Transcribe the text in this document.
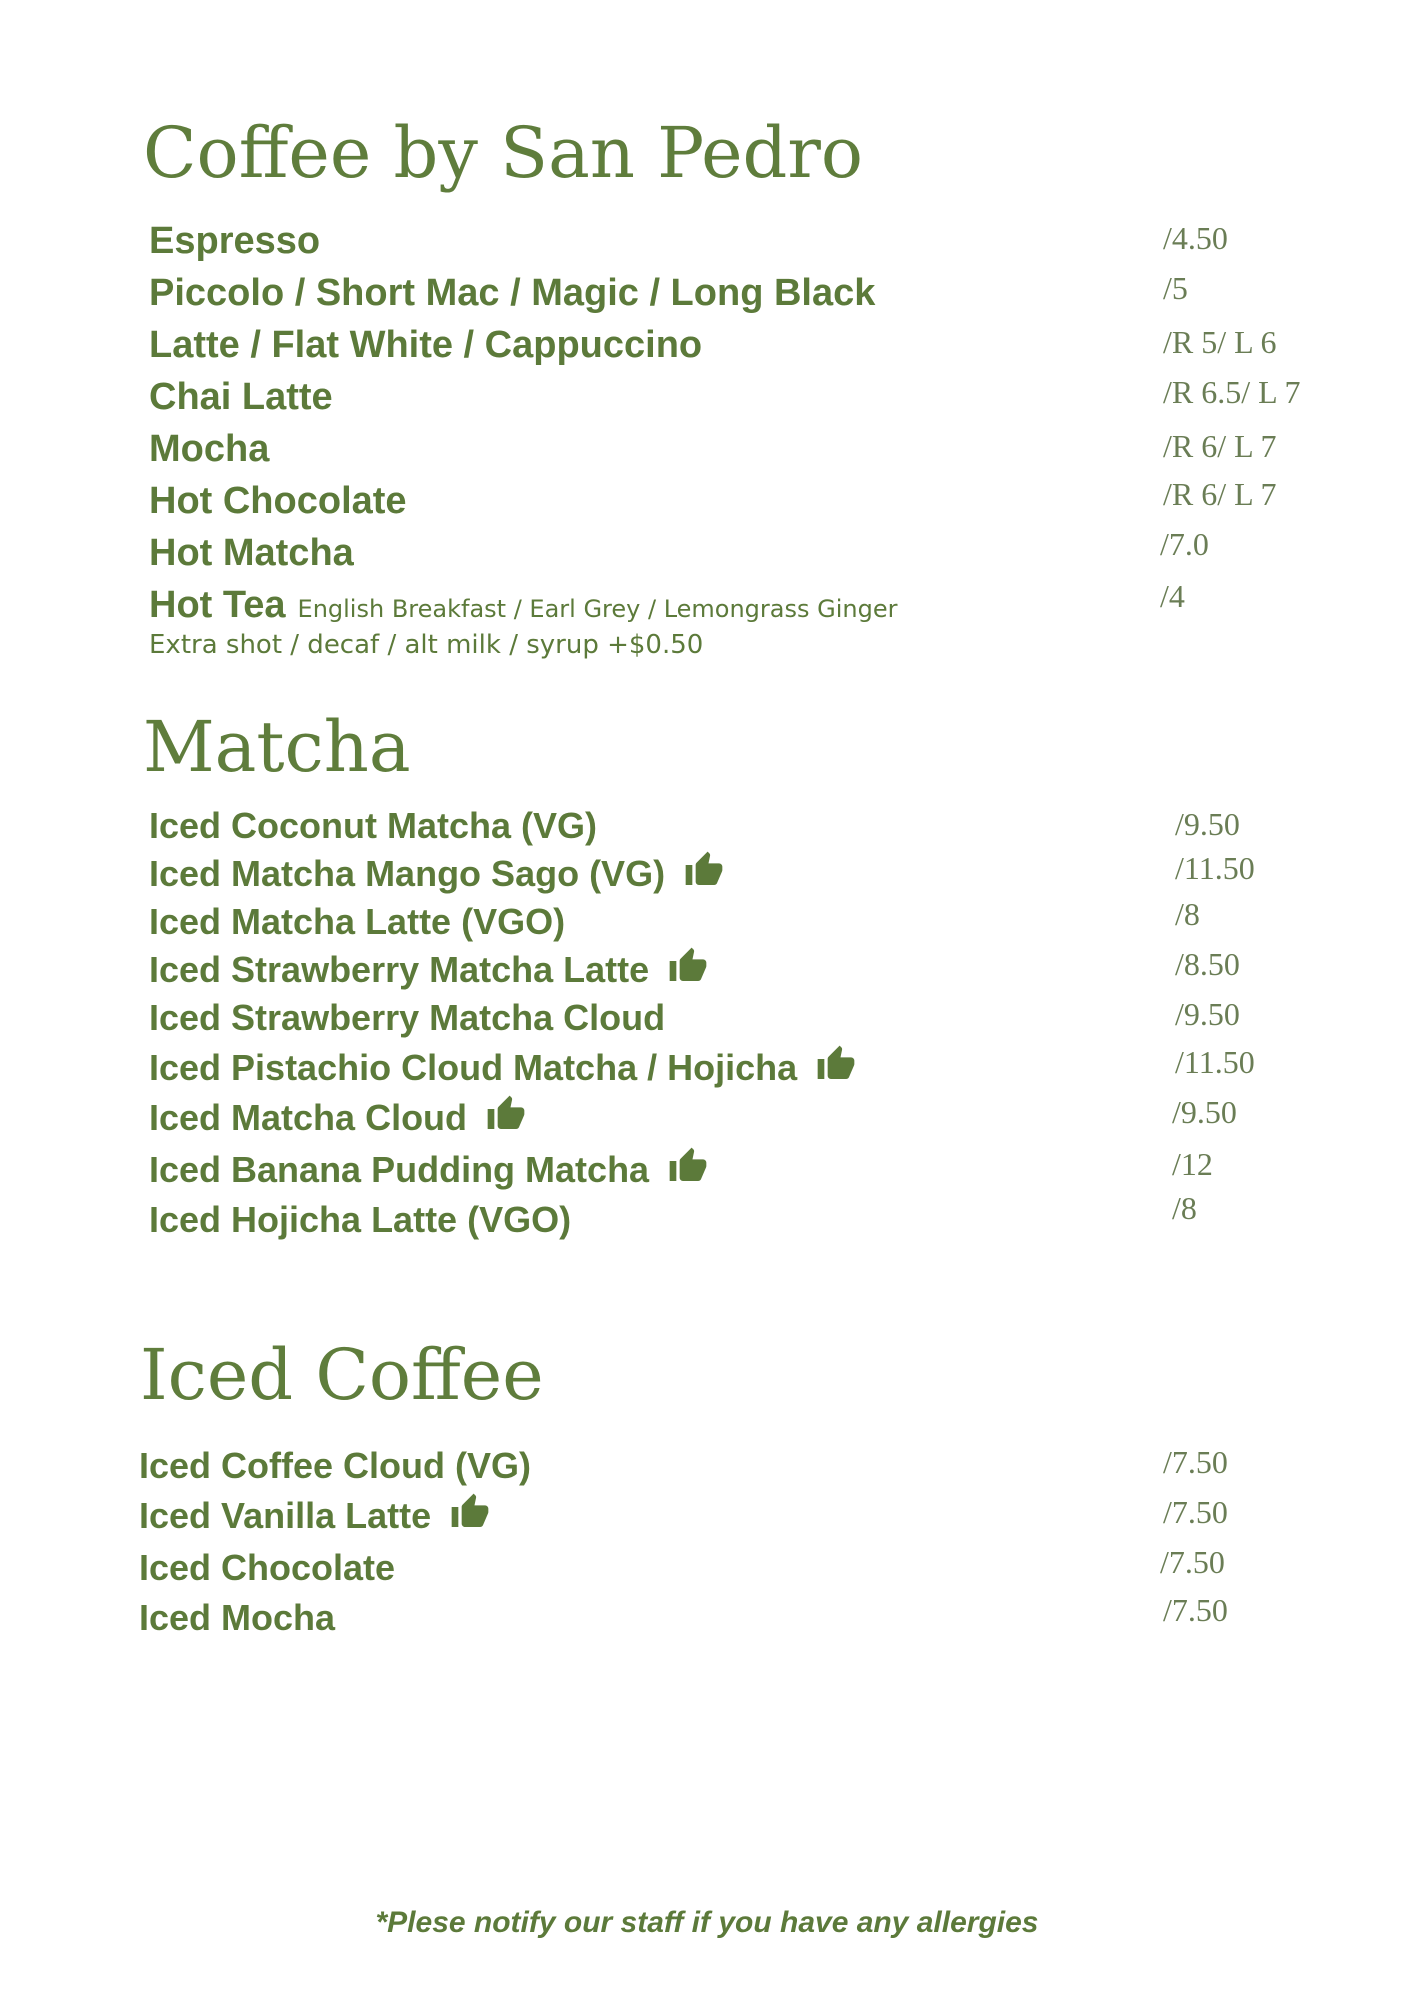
Coffee by San Pedro
Espresso	/4.50
Piccolo / Short Mac / Magic / Long Black	/5
Latte / Flat White / Cappuccino	/R 5/ L 6
Chai Latte	/R 6.5/ L 7
Mocha	/R 6/ L 7
Hot Chocolate	/R 6/ L 7
Hot Matcha	/7.0
Hot Tea English Breakfast / Earl Grey / Lemongrass Ginger	/4
Extra shot / decaf / alt milk / syrup +$0.50
Matcha
Iced Coconut Matcha (VG)	/9.50
Iced Matcha Mango Sago (VG)	/11.50
Iced Matcha Latte (VGO)	/8
Iced Strawberry Matcha Latte	/8.50
Iced Strawberry Matcha Cloud	/9.50
Iced Pistachio Cloud Matcha / Hojicha	/11.50
Iced Matcha Cloud	/9.50
Iced Banana Pudding Matcha	/12
Iced Hojicha Latte (VGO)	/8
Iced Coffee
Iced Coffee Cloud (VG)	/7.50
Iced Vanilla Latte	/7.50
Iced Chocolate	/7.50
Iced Mocha	/7.50
*Plese notify our staff if you have any allergies
